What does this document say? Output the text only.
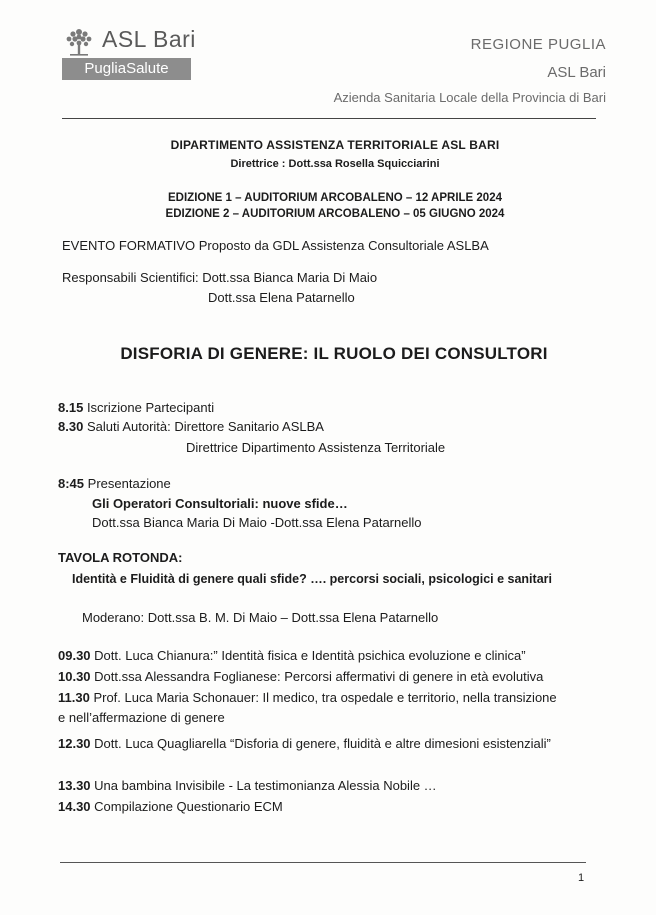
ASL Bari
PugliaSalute
REGIONE PUGLIA
ASL Bari
Azienda Sanitaria Locale della Provincia di Bari
DIPARTIMENTO ASSISTENZA TERRITORIALE ASL BARI
Direttrice : Dott.ssa Rosella Squicciarini
EDIZIONE 1 – AUDITORIUM ARCOBALENO – 12 APRILE 2024
EDIZIONE 2 – AUDITORIUM ARCOBALENO – 05 GIUGNO 2024
EVENTO FORMATIVO Proposto da GDL Assistenza Consultoriale ASLBA
Responsabili Scientifici: Dott.ssa Bianca Maria Di Maio
Dott.ssa Elena Patarnello
DISFORIA DI GENERE: IL RUOLO DEI CONSULTORI
8.15 Iscrizione Partecipanti
8.30 Saluti Autorità: Direttore Sanitario ASLBA
Direttrice Dipartimento Assistenza Territoriale
8:45 Presentazione
Gli Operatori Consultoriali: nuove sfide…
Dott.ssa Bianca Maria Di Maio -Dott.ssa Elena Patarnello
TAVOLA ROTONDA:
Identità e Fluidità di genere quali sfide? …. percorsi sociali, psicologici e sanitari
Moderano: Dott.ssa B. M. Di Maio – Dott.ssa Elena Patarnello
09.30 Dott. Luca Chianura:” Identità fisica e Identità psichica evoluzione e clinica”
10.30 Dott.ssa Alessandra Foglianese: Percorsi affermativi di genere in età evolutiva
11.30 Prof. Luca Maria Schonauer: Il medico, tra ospedale e territorio, nella transizione
e nell’affermazione di genere
12.30 Dott. Luca Quagliarella “Disforia di genere, fluidità e altre dimesioni esistenziali”
13.30 Una bambina Invisibile - La testimonianza Alessia Nobile …
14.30 Compilazione Questionario ECM
1
